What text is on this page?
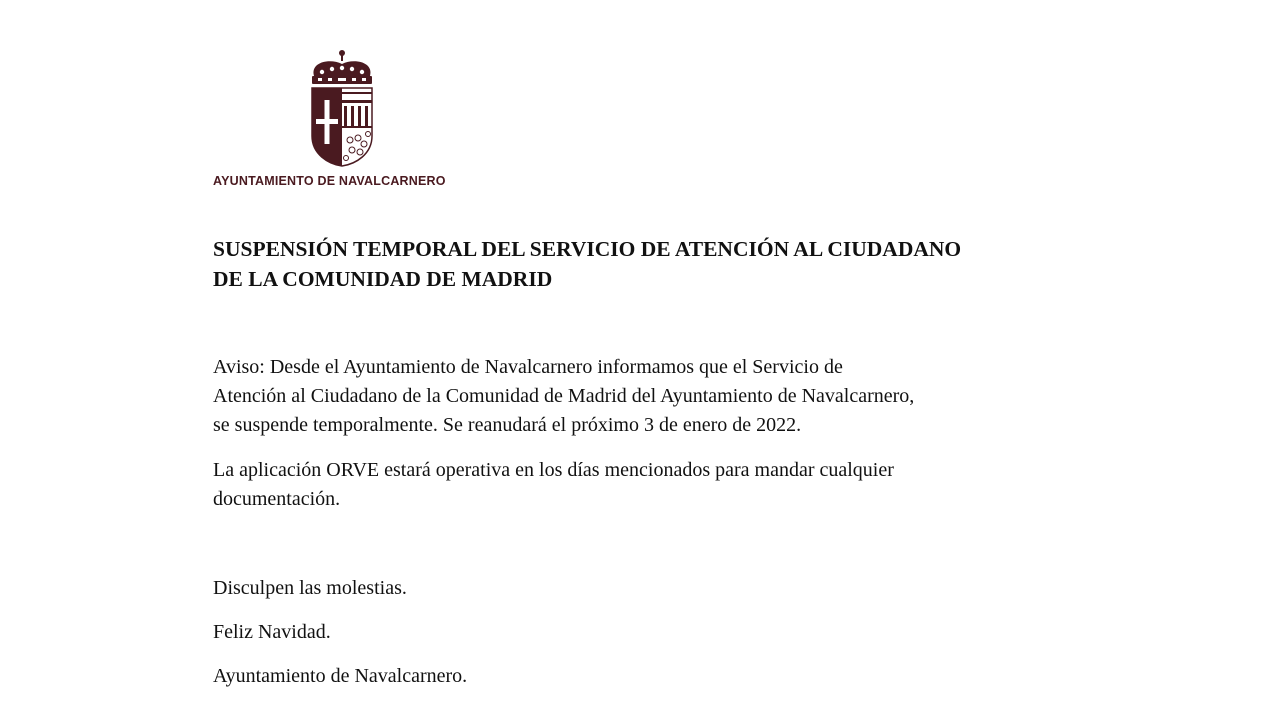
AYUNTAMIENTO DE NAVALCARNERO
SUSPENSIÓN TEMPORAL DEL SERVICIO DE ATENCIÓN AL CIUDADANO
DE LA COMUNIDAD DE MADRID

Aviso: Desde el Ayuntamiento de Navalcarnero informamos que el Servicio de
Atención al Ciudadano de la Comunidad de Madrid del Ayuntamiento de Navalcarnero,
se suspende temporalmente. Se reanudará el próximo 3 de enero de 2022.

La aplicación ORVE estará operativa en los días mencionados para mandar cualquier
documentación.

Disculpen las molestias.

Feliz Navidad.

Ayuntamiento de Navalcarnero.
